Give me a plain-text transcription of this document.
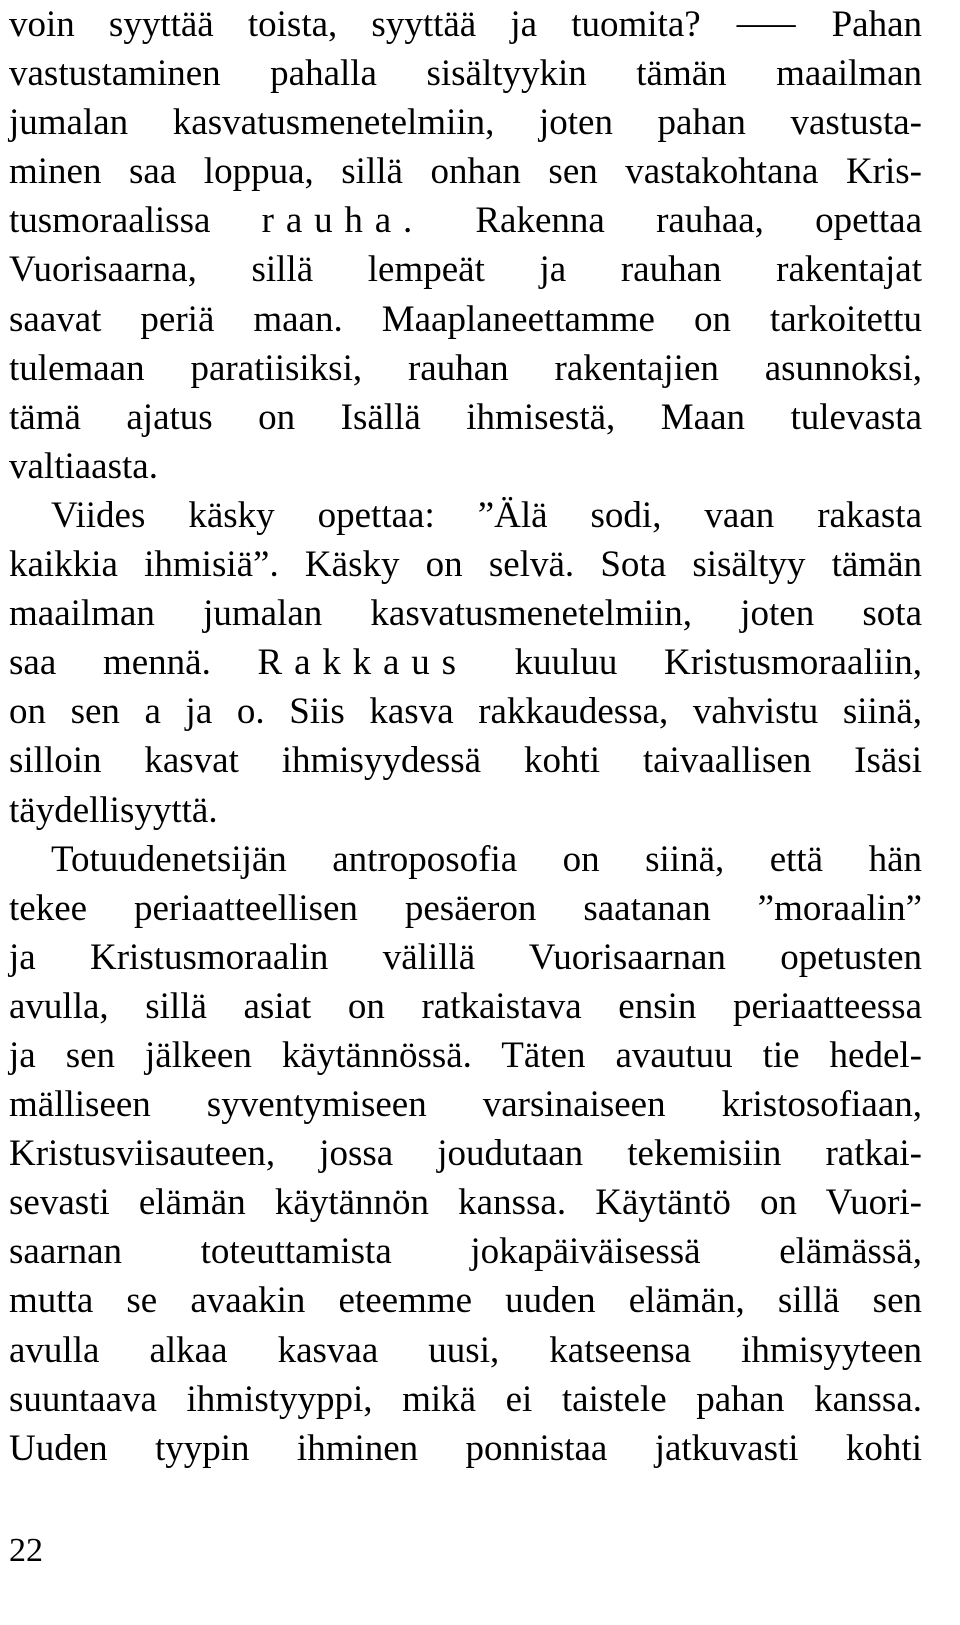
voin syyttää toista, syyttää ja tuomita? ⸺ Pahan
vastustaminen pahalla sisältyykin tämän maailman
jumalan kasvatusmenetelmiin, joten pahan vastusta-
minen saa loppua, sillä onhan sen vastakohtana Kris-
tusmoraalissa rauha. Rakenna rauhaa, opettaa
Vuorisaarna, sillä lempeät ja rauhan rakentajat
saavat periä maan. Maaplaneettamme on tarkoitettu
tulemaan paratiisiksi, rauhan rakentajien asunnoksi,
tämä ajatus on Isällä ihmisestä, Maan tulevasta
valtiaasta.
Viides käsky opettaa: ”Älä sodi, vaan rakasta
kaikkia ihmisiä”. Käsky on selvä. Sota sisältyy tämän
maailman jumalan kasvatusmenetelmiin, joten sota
saa mennä. Rakkaus kuuluu Kristusmoraaliin,
on sen a ja o. Siis kasva rakkaudessa, vahvistu siinä,
silloin kasvat ihmisyydessä kohti taivaallisen Isäsi
täydellisyyttä.
Totuudenetsijän antroposofia on siinä, että hän
tekee periaatteellisen pesäeron saatanan ”moraalin”
ja Kristusmoraalin välillä Vuorisaarnan opetusten
avulla, sillä asiat on ratkaistava ensin periaatteessa
ja sen jälkeen käytännössä. Täten avautuu tie hedel-
mälliseen syventymiseen varsinaiseen kristosofiaan,
Kristusviisauteen, jossa joudutaan tekemisiin ratkai-
sevasti elämän käytännön kanssa. Käytäntö on Vuori-
saarnan toteuttamista jokapäiväisessä elämässä,
mutta se avaakin eteemme uuden elämän, sillä sen
avulla alkaa kasvaa uusi, katseensa ihmisyyteen
suuntaava ihmistyyppi, mikä ei taistele pahan kanssa.
Uuden tyypin ihminen ponnistaa jatkuvasti kohti
22
